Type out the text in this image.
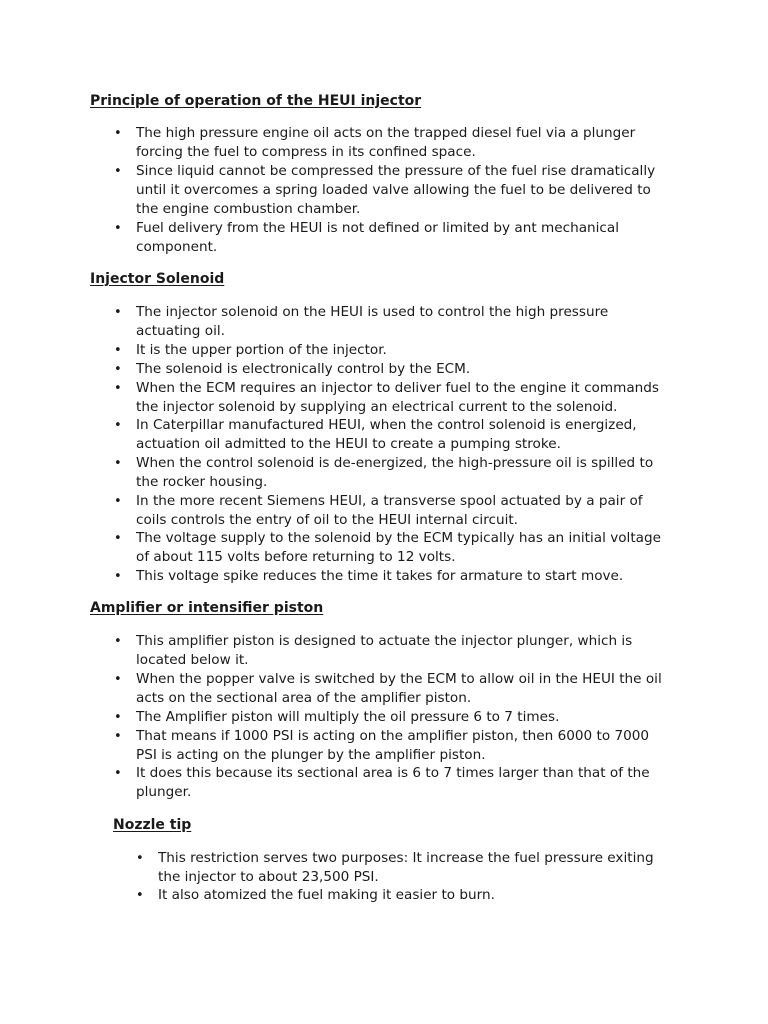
Principle of operation of the HEUI injector
• The high pressure engine oil acts on the trapped diesel fuel via a plunger
forcing the fuel to compress in its confined space.
• Since liquid cannot be compressed the pressure of the fuel rise dramatically
until it overcomes a spring loaded valve allowing the fuel to be delivered to
the engine combustion chamber.
• Fuel delivery from the HEUI is not defined or limited by ant mechanical
component.
Injector Solenoid
• The injector solenoid on the HEUI is used to control the high pressure
actuating oil.
• It is the upper portion of the injector.
• The solenoid is electronically control by the ECM.
• When the ECM requires an injector to deliver fuel to the engine it commands
the injector solenoid by supplying an electrical current to the solenoid.
• In Caterpillar manufactured HEUI, when the control solenoid is energized,
actuation oil admitted to the HEUI to create a pumping stroke.
• When the control solenoid is de-energized, the high-pressure oil is spilled to
the rocker housing.
• In the more recent Siemens HEUI, a transverse spool actuated by a pair of
coils controls the entry of oil to the HEUI internal circuit.
• The voltage supply to the solenoid by the ECM typically has an initial voltage
of about 115 volts before returning to 12 volts.
• This voltage spike reduces the time it takes for armature to start move.
Amplifier or intensifier piston
• This amplifier piston is designed to actuate the injector plunger, which is
located below it.
• When the popper valve is switched by the ECM to allow oil in the HEUI the oil
acts on the sectional area of the amplifier piston.
• The Amplifier piston will multiply the oil pressure 6 to 7 times.
• That means if 1000 PSI is acting on the amplifier piston, then 6000 to 7000
PSI is acting on the plunger by the amplifier piston.
• It does this because its sectional area is 6 to 7 times larger than that of the
plunger.
Nozzle tip
• This restriction serves two purposes: It increase the fuel pressure exiting
the injector to about 23,500 PSI.
• It also atomized the fuel making it easier to burn.
